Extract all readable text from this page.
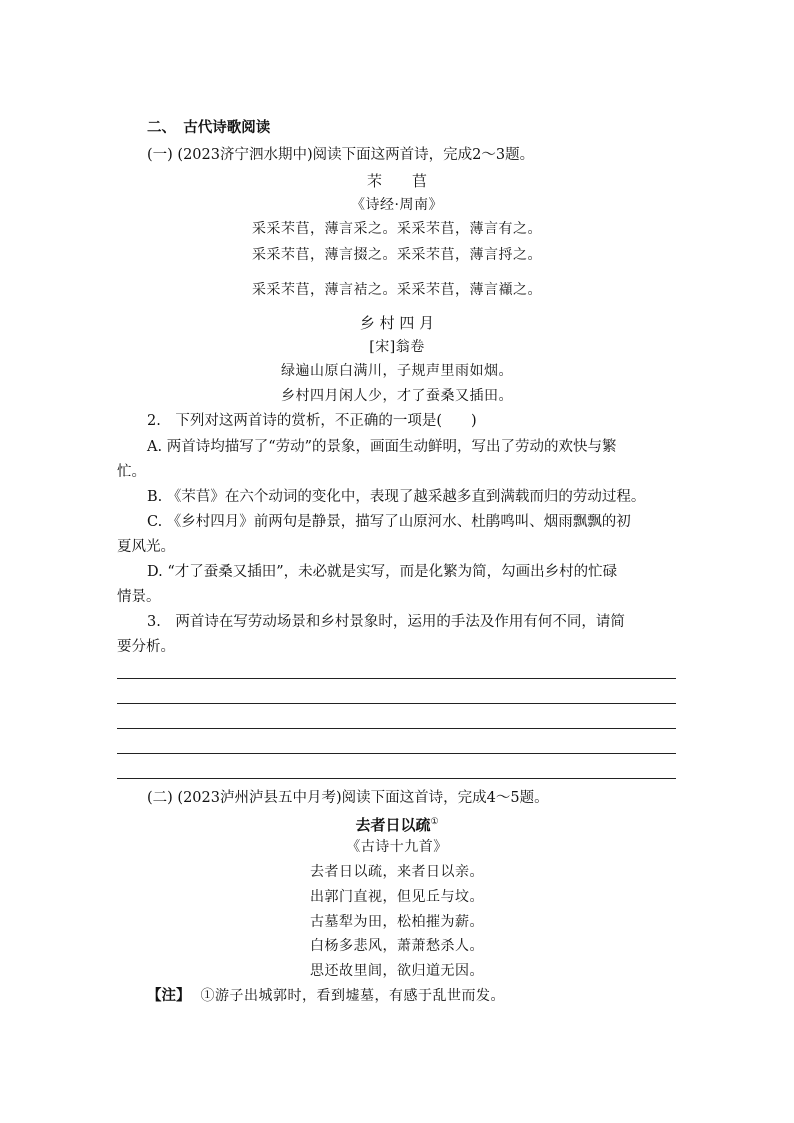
二、　古代诗歌阅读
(一) (2023济宁泗水期中)阅读下面这两首诗，完成2～3题。
芣　　苢
《诗经·周南》
采采芣苢，薄言采之。采采芣苢，薄言有之。
采采芣苢，薄言掇之。采采芣苢，薄言捋之。
采采芣苢，薄言袺之。采采芣苢，薄言襭之。
乡 村 四 月
[宋]翁卷
绿遍山原白满川，子规声里雨如烟。
乡村四月闲人少，才了蚕桑又插田。
2.　下列对这两首诗的赏析，不正确的一项是(　　)
A. 两首诗均描写了“劳动”的景象，画面生动鲜明，写出了劳动的欢快与繁
忙。
B. 《芣苢》在六个动词的变化中，表现了越采越多直到满载而归的劳动过程。
C. 《乡村四月》前两句是静景，描写了山原河水、杜鹃鸣叫、烟雨飘飘的初
夏风光。
D. “才了蚕桑又插田”，未必就是实写，而是化繁为简，勾画出乡村的忙碌
情景。
3.　两首诗在写劳动场景和乡村景象时，运用的手法及作用有何不同，请简
要分析。
(二) (2023泸州泸县五中月考)阅读下面这首诗，完成4～5题。
去者日以疏①
《古诗十九首》
去者日以疏，来者日以亲。
出郭门直视，但见丘与坟。
古墓犁为田，松柏摧为薪。
白杨多悲风，萧萧愁杀人。
思还故里闾，欲归道无因。
【注】 ①游子出城郭时，看到墟墓，有感于乱世而发。
